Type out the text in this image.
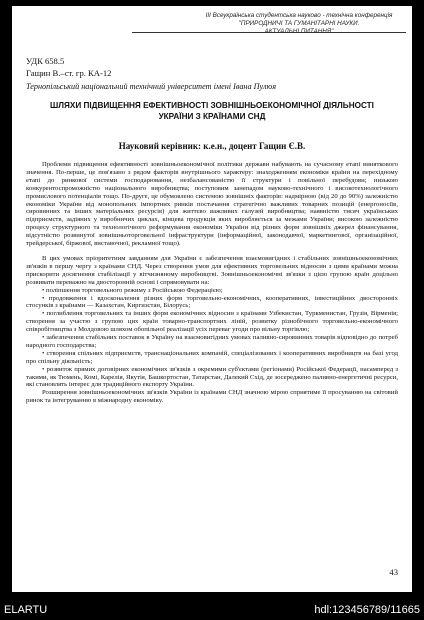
III Всеукраїнська студентська науково - технічна конференція "ПРИРОДНИЧІ ТА ГУМАНІТАРНІ НАУКИ.
АКТУАЛЬНІ ПИТАННЯ"
УДК 658.5
Гащин В.–ст. гр. КА-12
Тернопільський національний технічний університет імені Івана Пулюя
ШЛЯХИ ПІДВИЩЕННЯ ЕФЕКТИВНОСТІ ЗОВНІШНЬОЕКОНОМІЧНОЇ ДІЯЛЬНОСТІ УКРАЇНИ З КРАЇНАМИ СНД
Науковий керівник: к.е.н., доцент Гащин Є.В.

Проблеми підвищення ефективності зовнішньоекономічної політики держави набувають на сучасному етапі виняткового значення. По-перше, це пов'язано з рядом факторів внутрішнього характеру: знаходженням економіки країни на перехідному етапі до ринкової системи господарювання, незбалансованістю її структури і повільної перебудови; низькою конкурентоспроможністю національного виробництва; поступовим занепадом науково-технічного і високотехнологічного промислового потенціалів тощо. По-друге, це обумовлено системою зовнішніх факторів: надмірною (від 20 до 90%) залежністю економіки України від монопольних імпортних ринків постачання стратегічно важливих товарних позицій (енергоносіїв, сировинних та інших матеріальних ресурсів) для життєво важливих галузей виробництва; наявністю тисяч українських підприємств, задіяних у виробничих циклах, кінцева продукція яких виробляється за межами України; високою залежністю процесу структурного та технологічного реформування економіки України від різних форм зовнішніх джерел фінансування, відсутністю розвинутої зовнішньоторговельної інфраструктури (інформаційної, законодавчої, маркетингової, організаційної, трейдерської, біржової, виставочної, рекламної тощо).

В цих умовах пріоритетним завданням для України є забезпечення взаємовигідних і стабільних зовнішньоекономічних зв'язків в першу чергу з країнами СНД. Через створення умов для ефективних торговельних відносин з цими країнами можна прискорити досягнення стабілізації у вітчизняному виробництві. Зовнішньоекономічні зв'язки з цією групою країн доцільно розвивати переважно на двосторонній основі і спрямовувати на:

• поліпшення торговельного режиму з Російською Федерацією;

• продовження і вдосконалення різних форм торговельно-економічних, кооперативних, інвестиційних двосторонніх стосунків з країнами — Казахстан, Киргизстан, Білорусь;

• поглиблення торговельних та інших форм економічних відносин з країнами Узбекистан, Туркменистан, Грузія, Вірменія; створення за участю з групою цих країн товарно-транспортних ліній, розвитку різнобічного торговельно-економічного співробітництва з Молдовою шляхом обопільної реалізації усіх переваг угоди про вільну торгівлю;

• забезпечення стабільних поставок в Україну на взаємовигідних умовах паливно-сировинних товарів відповідно до потреб народного господарства;

• створення спільних підприємств, транснаціональних компаній, спеціалізованих і кооперативних виробництв на базі угод про спільну діяльність;

• розвиток прямих договірних економічних зв'язків з окремими суб'єктами (регіонами) Російської Федерації, насамперед з такими, як Тюмень, Комі, Карелія, Якутія, Башкортостан, Татарстан, Далекий Схід, де зосереджено паливно-енергетичні ресурси, які становлять інтерес для традиційного експорту України.

Розширення зовнішньоекономічних зв'язків України із країнами СНД значною мірою сприятиме її просуванню на світовий ринок та інтегруванню в міжнародну економіку.

43
ELARTU	hdl:123456789/11665
